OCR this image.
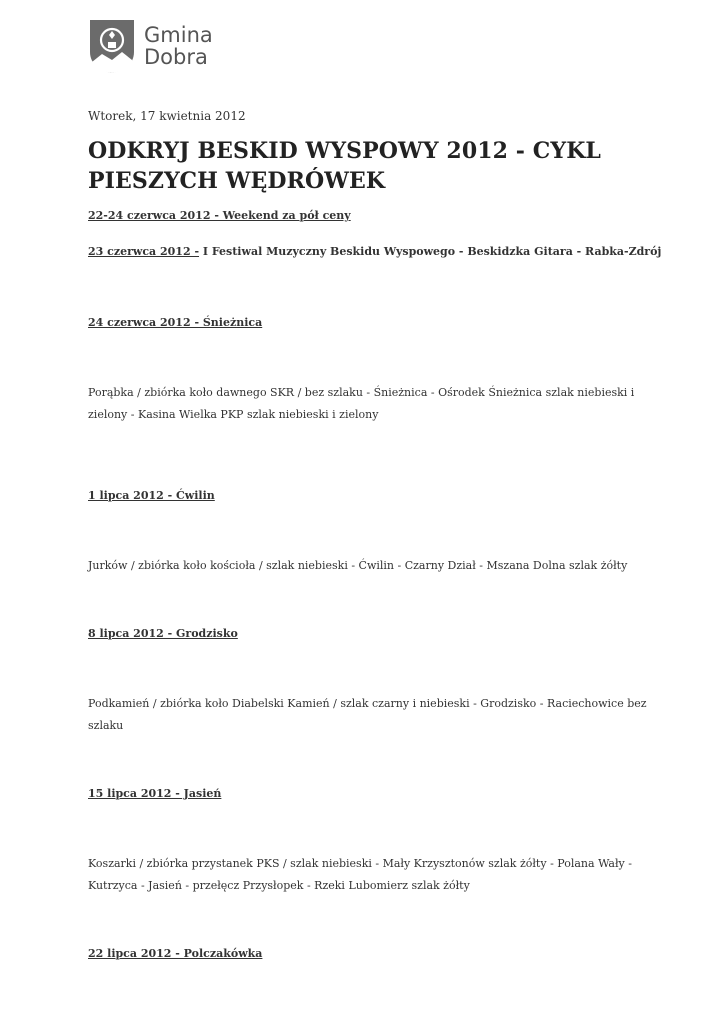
Gmina
Dobra

Wtorek, 17 kwietnia 2012

ODKRYJ BESKID WYSPOWY 2012 - CYKL PIESZYCH WĘDRÓWEK

22-24 czerwca 2012 - Weekend za pół ceny

23 czerwca 2012 - I Festiwal Muzyczny Beskidu Wyspowego - Beskidzka Gitara - Rabka-Zdrój

24 czerwca 2012 - Śnieżnica

Porąbka / zbiórka koło dawnego SKR / bez szlaku - Śnieżnica - Ośrodek Śnieżnica szlak niebieski i zielony - Kasina Wielka PKP szlak niebieski i zielony

1 lipca 2012 - Ćwilin

Jurków / zbiórka koło kościoła / szlak niebieski - Ćwilin - Czarny Dział - Mszana Dolna szlak żółty

8 lipca 2012 - Grodzisko

Podkamień / zbiórka koło Diabelski Kamień / szlak czarny i niebieski - Grodzisko - Raciechowice bez szlaku

15 lipca 2012 - Jasień

Koszarki / zbiórka przystanek PKS / szlak niebieski - Mały Krzysztonów szlak żółty - Polana Wały - Kutrzyca - Jasień - przełęcz Przysłopek - Rzeki Lubomierz szlak żółty

22 lipca 2012 - Polczakówka
